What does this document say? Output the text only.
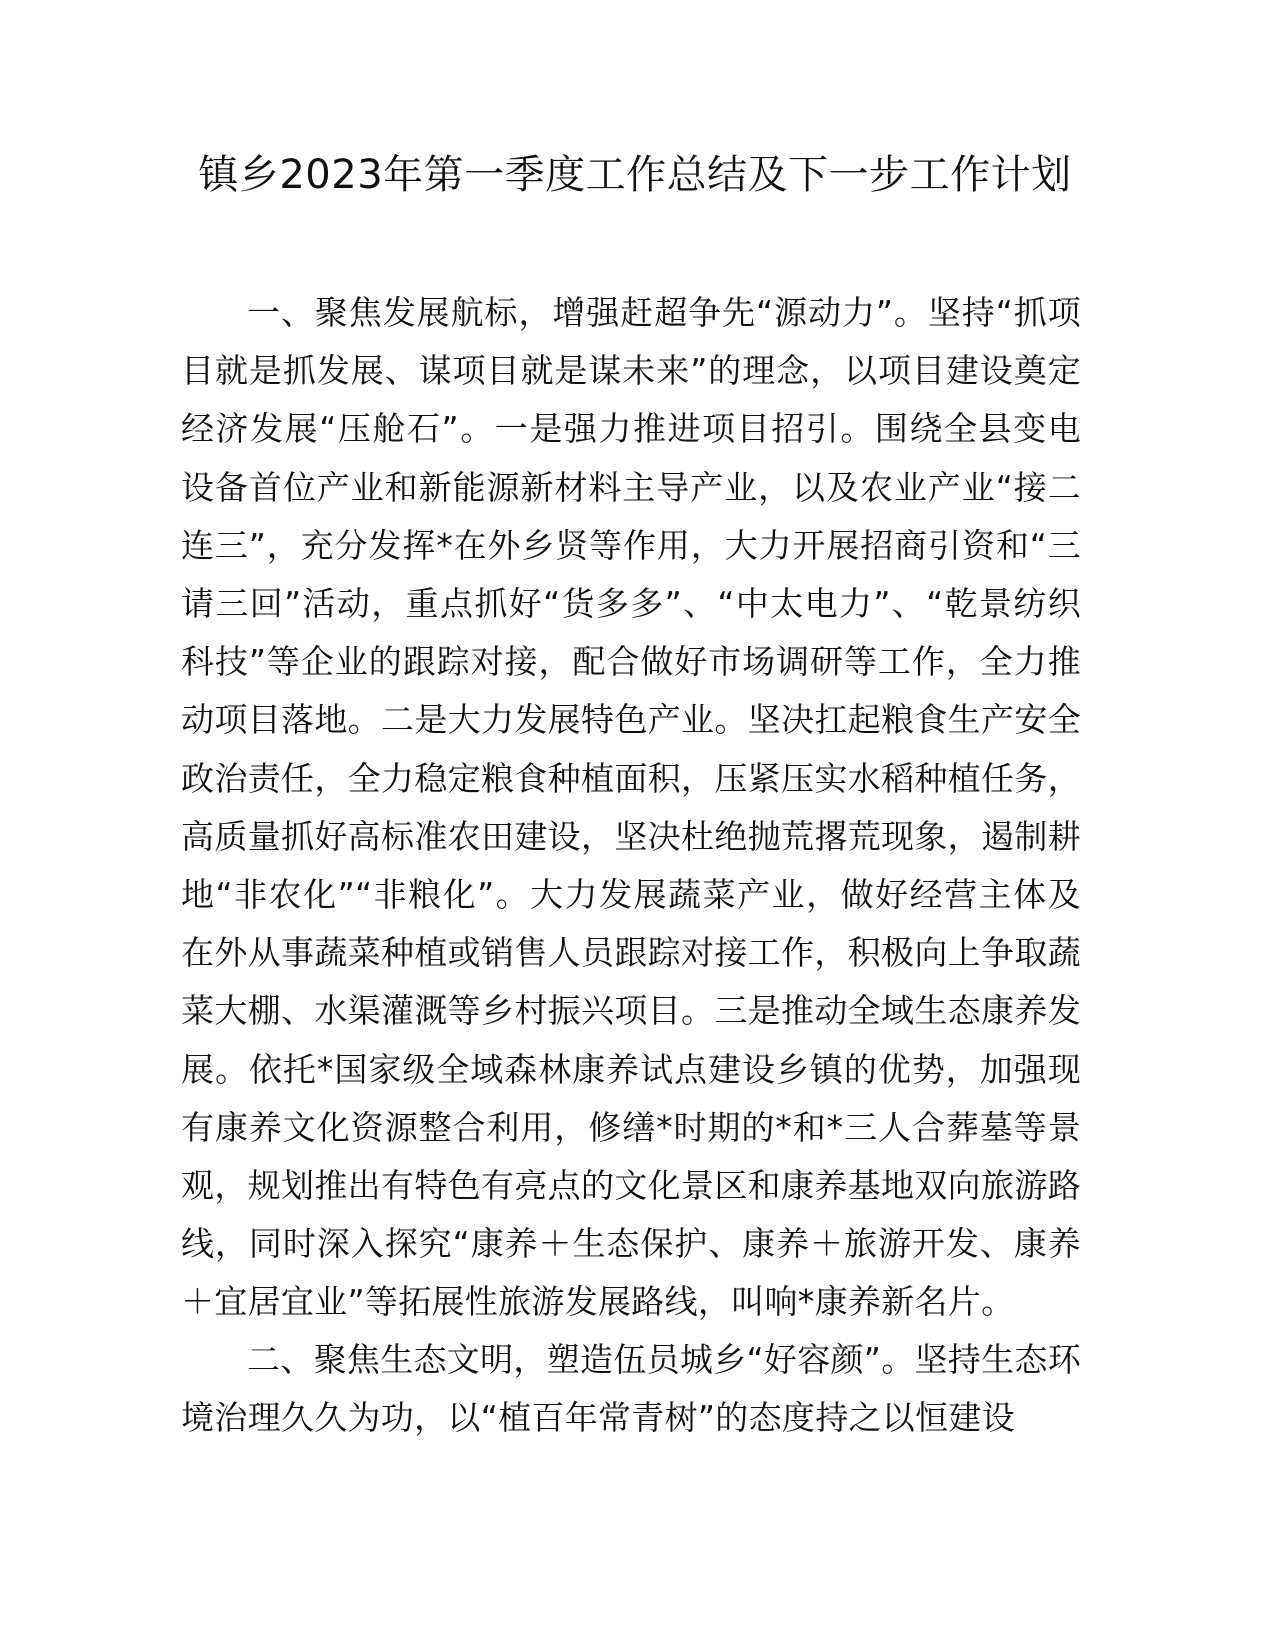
镇乡2023年第一季度工作总结及下一步工作计划

一、聚焦发展航标，增强赶超争先“源动力”。坚持“抓项目就是抓发展、谋项目就是谋未来”的理念，以项目建设奠定经济发展“压舱石”。一是强力推进项目招引。围绕全县变电设备首位产业和新能源新材料主导产业，以及农业产业“接二连三”，充分发挥*在外乡贤等作用，大力开展招商引资和“三请三回”活动，重点抓好“货多多”、“中太电力”、“乾景纺织科技”等企业的跟踪对接，配合做好市场调研等工作，全力推动项目落地。二是大力发展特色产业。坚决扛起粮食生产安全政治责任，全力稳定粮食种植面积，压紧压实水稻种植任务，高质量抓好高标准农田建设，坚决杜绝抛荒撂荒现象，遏制耕地“非农化”“非粮化”。大力发展蔬菜产业，做好经营主体及在外从事蔬菜种植或销售人员跟踪对接工作，积极向上争取蔬菜大棚、水渠灌溉等乡村振兴项目。三是推动全域生态康养发展。依托*国家级全域森林康养试点建设乡镇的优势，加强现有康养文化资源整合利用，修缮*时期的*和*三人合葬墓等景观，规划推出有特色有亮点的文化景区和康养基地双向旅游路线，同时深入探究“康养＋生态保护、康养＋旅游开发、康养＋宜居宜业”等拓展性旅游发展路线，叫响*康养新名片。

二、聚焦生态文明，塑造伍员城乡“好容颜”。坚持生态环境治理久久为功，以“植百年常青树”的态度持之以恒建设
